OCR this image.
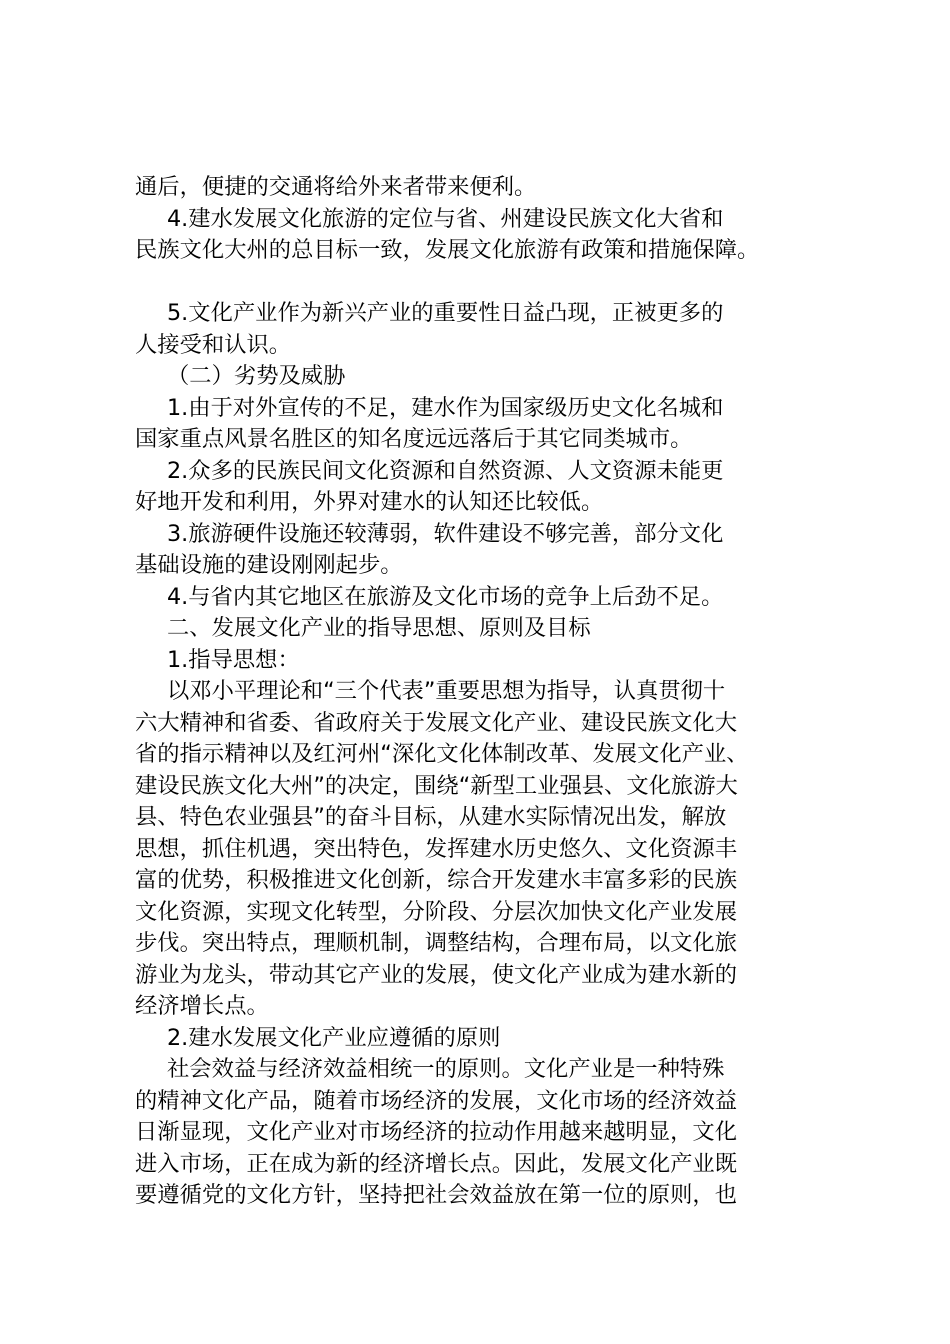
通后，便捷的交通将给外来者带来便利。
4.建水发展文化旅游的定位与省、州建设民族文化大省和
民族文化大州的总目标一致，发展文化旅游有政策和措施保障。
5.文化产业作为新兴产业的重要性日益凸现，正被更多的
人接受和认识。
（二）劣势及威胁
1.由于对外宣传的不足，建水作为国家级历史文化名城和
国家重点风景名胜区的知名度远远落后于其它同类城市。
2.众多的民族民间文化资源和自然资源、人文资源未能更
好地开发和利用，外界对建水的认知还比较低。
3.旅游硬件设施还较薄弱，软件建设不够完善，部分文化
基础设施的建设刚刚起步。
4.与省内其它地区在旅游及文化市场的竞争上后劲不足。
二、发展文化产业的指导思想、原则及目标
1.指导思想：
以邓小平理论和“三个代表”重要思想为指导，认真贯彻十
六大精神和省委、省政府关于发展文化产业、建设民族文化大
省的指示精神以及红河州“深化文化体制改革、发展文化产业、
建设民族文化大州”的决定，围绕“新型工业强县、文化旅游大
县、特色农业强县”的奋斗目标，从建水实际情况出发，解放
思想，抓住机遇，突出特色，发挥建水历史悠久、文化资源丰
富的优势，积极推进文化创新，综合开发建水丰富多彩的民族
文化资源，实现文化转型，分阶段、分层次加快文化产业发展
步伐。突出特点，理顺机制，调整结构，合理布局，以文化旅
游业为龙头，带动其它产业的发展，使文化产业成为建水新的
经济增长点。
2.建水发展文化产业应遵循的原则
社会效益与经济效益相统一的原则。文化产业是一种特殊
的精神文化产品，随着市场经济的发展，文化市场的经济效益
日渐显现，文化产业对市场经济的拉动作用越来越明显，文化
进入市场，正在成为新的经济增长点。因此，发展文化产业既
要遵循党的文化方针，坚持把社会效益放在第一位的原则，也
